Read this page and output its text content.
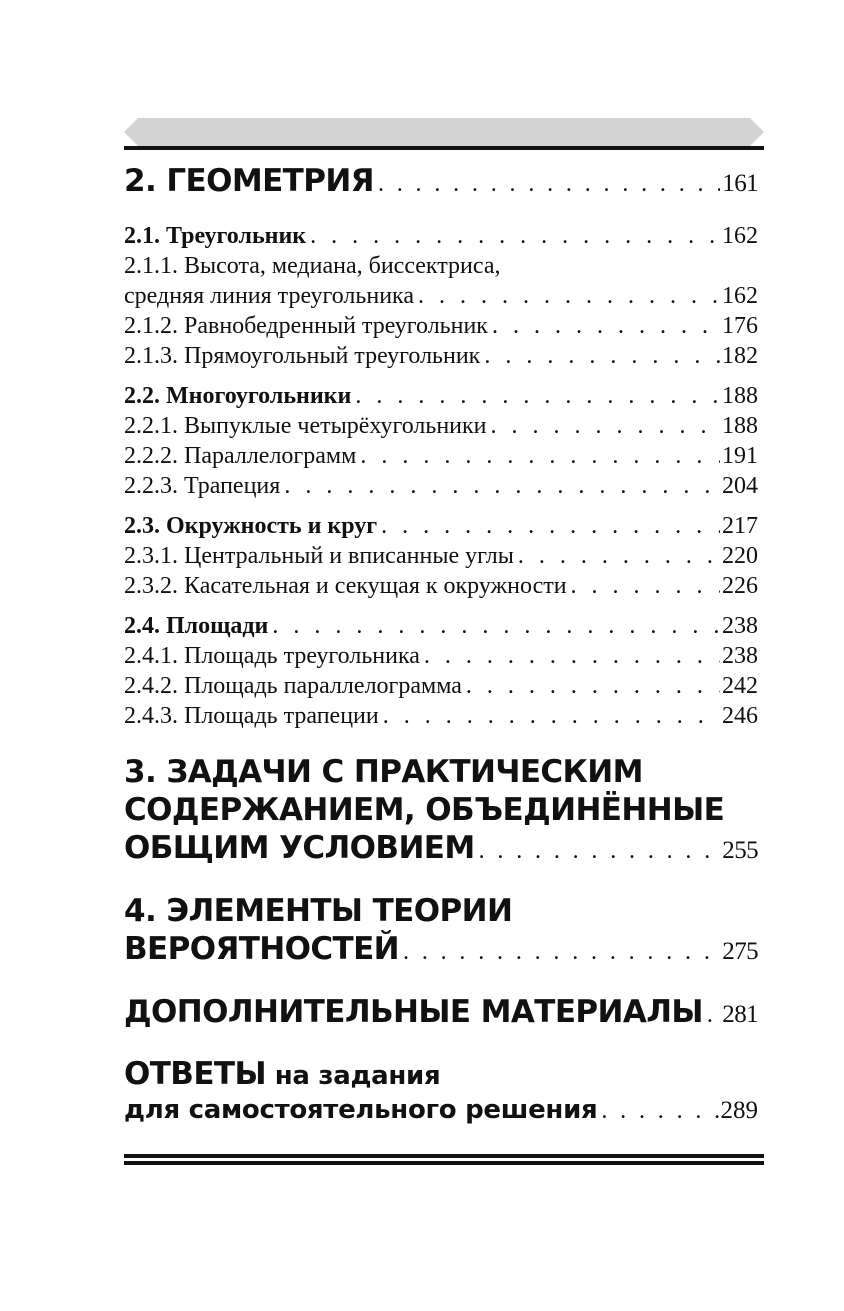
2. ГЕОМЕТРИЯ . . .	161
2.1. Треугольник . . .	162
2.1.1. Высота, медиана, биссектриса,
средняя линия треугольника . . .	162
2.1.2. Равнобедренный треугольник . . .	176
2.1.3. Прямоугольный треугольник . . .	182
2.2. Многоугольники . . .	188
2.2.1. Выпуклые четырёхугольники . . .	188
2.2.2. Параллелограмм . . .	191
2.2.3. Трапеция . . .	204
2.3. Окружность и круг . . .	217
2.3.1. Центральный и вписанные углы . . .	220
2.3.2. Касательная и секущая к окружности . . .	226
2.4. Площади . . .	238
2.4.1. Площадь треугольника . . .	238
2.4.2. Площадь параллелограмма . . .	242
2.4.3. Площадь трапеции . . .	246
3. ЗАДАЧИ С ПРАКТИЧЕСКИМ
СОДЕРЖАНИЕМ, ОБЪЕДИНЁННЫЕ
ОБЩИМ УСЛОВИЕМ . . .	255
4. ЭЛЕМЕНТЫ ТЕОРИИ
ВЕРОЯТНОСТЕЙ . . .	275
ДОПОЛНИТЕЛЬНЫЕ МАТЕРИАЛЫ . . . 281
ОТВЕТЫ на задания
для самостоятельного решения . . .	289
